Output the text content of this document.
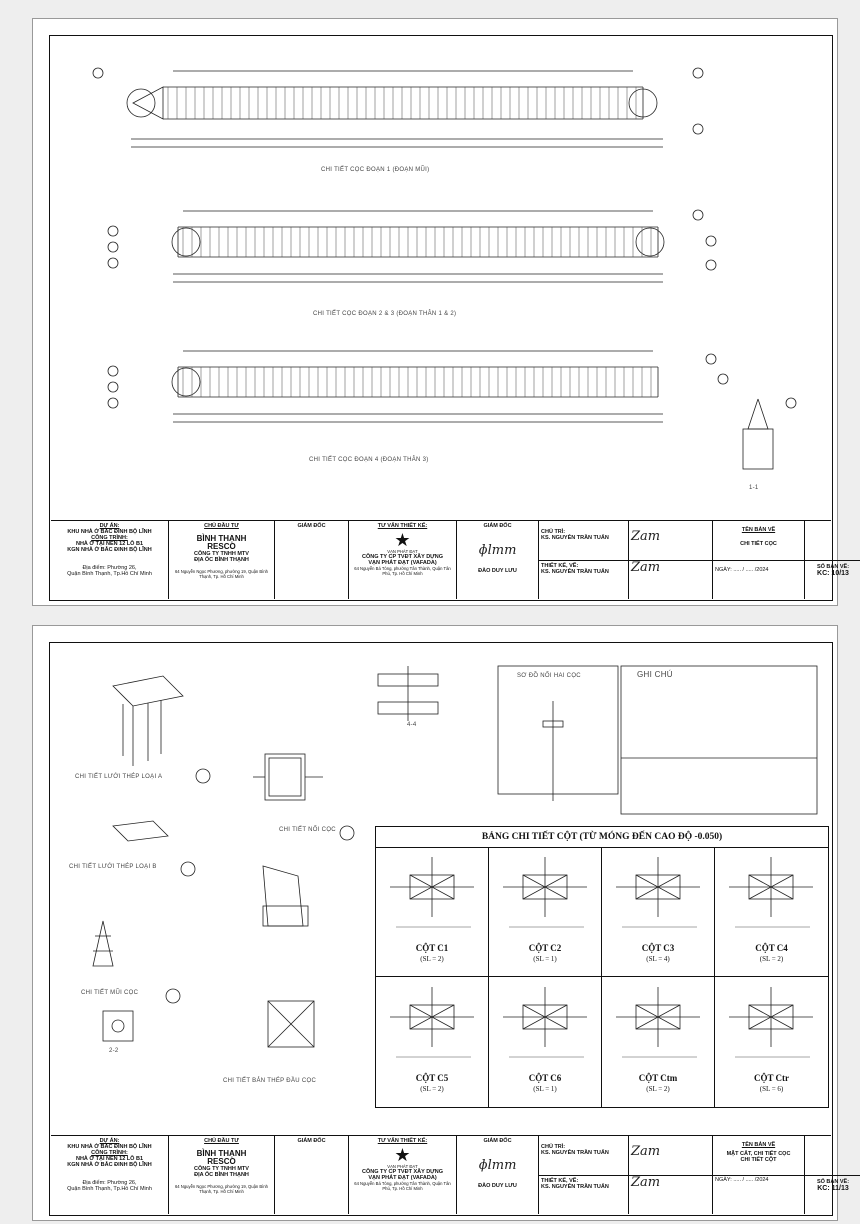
CHI TIẾT CỌC ĐOẠN 1 (ĐOẠN MŨI)
CHI TIẾT CỌC ĐOẠN 2 & 3 (ĐOẠN THÂN 1 & 2)
CHI TIẾT CỌC ĐOẠN 4 (ĐOẠN THÂN 3)
1-1
DỰ ÁN:
KHU NHÀ Ở BẮC ĐINH BỘ LĨNH
CÔNG TRÌNH:
NHÀ Ở TẠI NỀN 12 LÔ B1
KGN NHÀ Ở BẮC ĐINH BỘ LĨNH
Địa điểm: Phường 26,
Quận Bình Thạnh, Tp.Hồ Chí Minh
CHỦ ĐẦU TƯ
BÌNH THẠNH
RESCO
CÔNG TY TNHH MTV
ĐỊA ỐC BÌNH THẠNH
64 Nguyễn Ngọc Phương, phường 19, Quận Bình Thạnh, Tp. Hồ Chí Minh
GIÁM ĐỐC	TƯ VẤN THIẾT KẾ:
★
VẠN PHÁT ĐẠT
CÔNG TY CP TVĐT XÂY DỰNG
VẠN PHÁT ĐẠT (VAFADA)
64 Nguyễn Bá Tòng, phường Tân Thành, Quận Tân Phú, Tp. Hồ Chí Minh
GIÁM ĐỐC
ɸlmm
ĐÀO DUY LƯU
CHỦ TRÌ:
KS. NGUYỄN TRẦN TUẤN
THIẾT KẾ, VẼ:
KS. NGUYỄN TRẦN TUẤN
Zam
Zam
TÊN BẢN VẼ
CHI TIẾT CỌC
NGÀY: ..... / ..... /2024	SỐ BẢN VẼ:
KC: 10/13
CHI TIẾT LƯỚI THÉP LOẠI A
CHI TIẾT LƯỚI THÉP LOẠI B
CHI TIẾT MŨI CỌC
CHI TIẾT NỐI CỌC
CHI TIẾT BẢN THÉP ĐẦU CỌC
SƠ ĐỒ NỐI HAI CỌC	GHI CHÚ
4-4
2-2
BẢNG CHI TIẾT CỘT (TỪ MÓNG ĐẾN CAO ĐỘ -0.050)
CỘT C1
(SL = 2)
CỘT C2
(SL = 1)
CỘT C3
(SL = 4)
CỘT C4
(SL = 2)
CỘT C5
(SL = 2)
CỘT C6
(SL = 1)
CỘT Ctm
(SL = 2)
CỘT Ctr
(SL = 6)
DỰ ÁN:
KHU NHÀ Ở BẮC ĐINH BỘ LĨNH
CÔNG TRÌNH:
NHÀ Ở TẠI NỀN 12 LÔ B1
KGN NHÀ Ở BẮC ĐINH BỘ LĨNH
Địa điểm: Phường 26,
Quận Bình Thạnh, Tp.Hồ Chí Minh
CHỦ ĐẦU TƯ
BÌNH THẠNH
RESCO
CÔNG TY TNHH MTV
ĐỊA ỐC BÌNH THẠNH
64 Nguyễn Ngọc Phương, phường 19, Quận Bình Thạnh, Tp. Hồ Chí Minh
GIÁM ĐỐC	TƯ VẤN THIẾT KẾ:
★
VẠN PHÁT ĐẠT
CÔNG TY CP TVĐT XÂY DỰNG
VẠN PHÁT ĐẠT (VAFADA)
64 Nguyễn Bá Tòng, phường Tân Thành, Quận Tân Phú, Tp. Hồ Chí Minh
GIÁM ĐỐC
ɸlmm
ĐÀO DUY LƯU
CHỦ TRÌ:
KS. NGUYỄN TRẦN TUẤN
THIẾT KẾ, VẼ:
KS. NGUYỄN TRẦN TUẤN
Zam
Zam
TÊN BẢN VẼ
MẶT CẮT, CHI TIẾT CỌC
CHI TIẾT CỘT
NGÀY: ..... / ..... /2024	SỐ BẢN VẼ:
KC: 11/13
